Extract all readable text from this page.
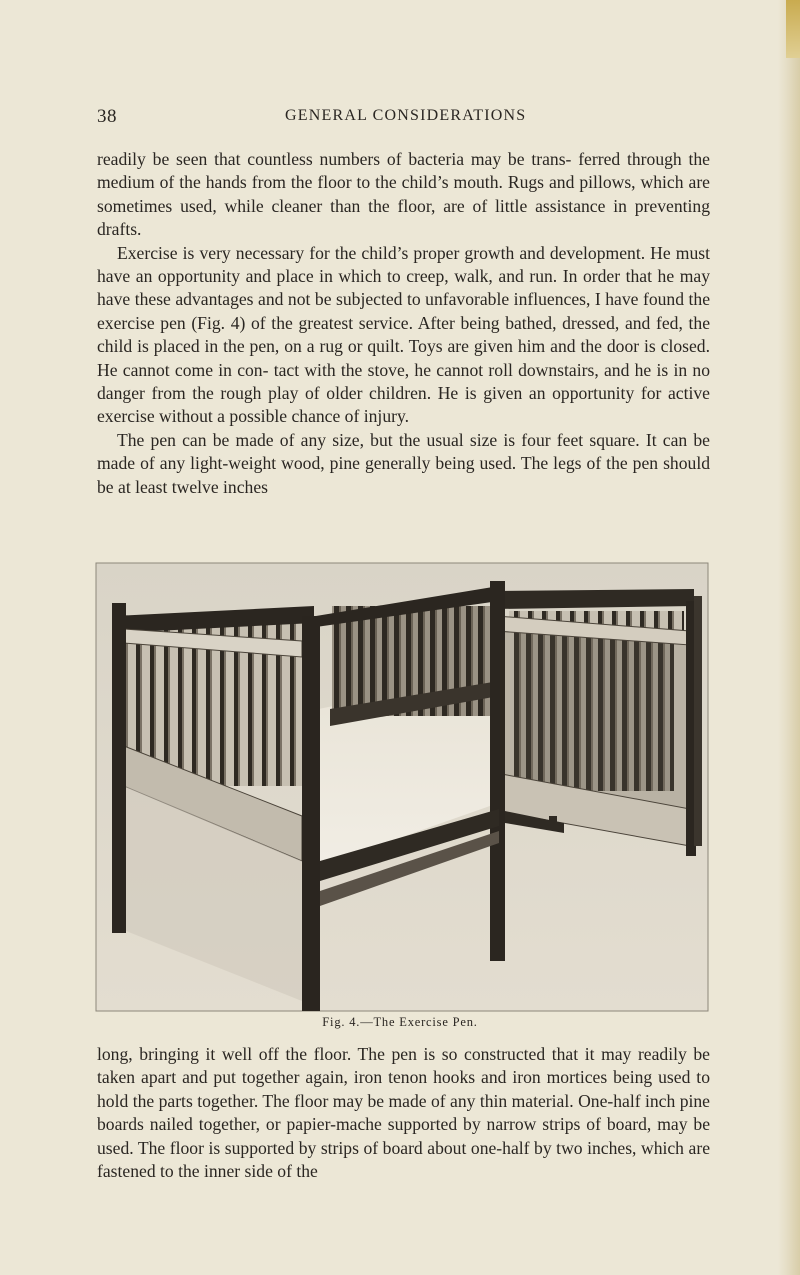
38	GENERAL CONSIDERATIONS

readily be seen that countless numbers of bacteria may be trans- ferred through the medium of the hands from the floor to the child’s mouth. Rugs and pillows, which are sometimes used, while cleaner than the floor, are of little assistance in preventing drafts.

Exercise is very necessary for the child’s proper growth and development. He must have an opportunity and place in which to creep, walk, and run. In order that he may have these advantages and not be subjected to unfavorable influences, I have found the exercise pen (Fig. 4) of the greatest service. After being bathed, dressed, and fed, the child is placed in the pen, on a rug or quilt. Toys are given him and the door is closed. He cannot come in con- tact with the stove, he cannot roll downstairs, and he is in no danger from the rough play of older children. He is given an opportunity for active exercise without a possible chance of injury.

The pen can be made of any size, but the usual size is four feet square. It can be made of any light-weight wood, pine generally being used. The legs of the pen should be at least twelve inches

Fig. 4.—The Exercise Pen.

long, bringing it well off the floor. The pen is so constructed that it may readily be taken apart and put together again, iron tenon hooks and iron mortices being used to hold the parts together. The floor may be made of any thin material. One-half inch pine boards nailed together, or papier-mache supported by narrow strips of board, may be used. The floor is supported by strips of board about one-half by two inches, which are fastened to the inner side of the
